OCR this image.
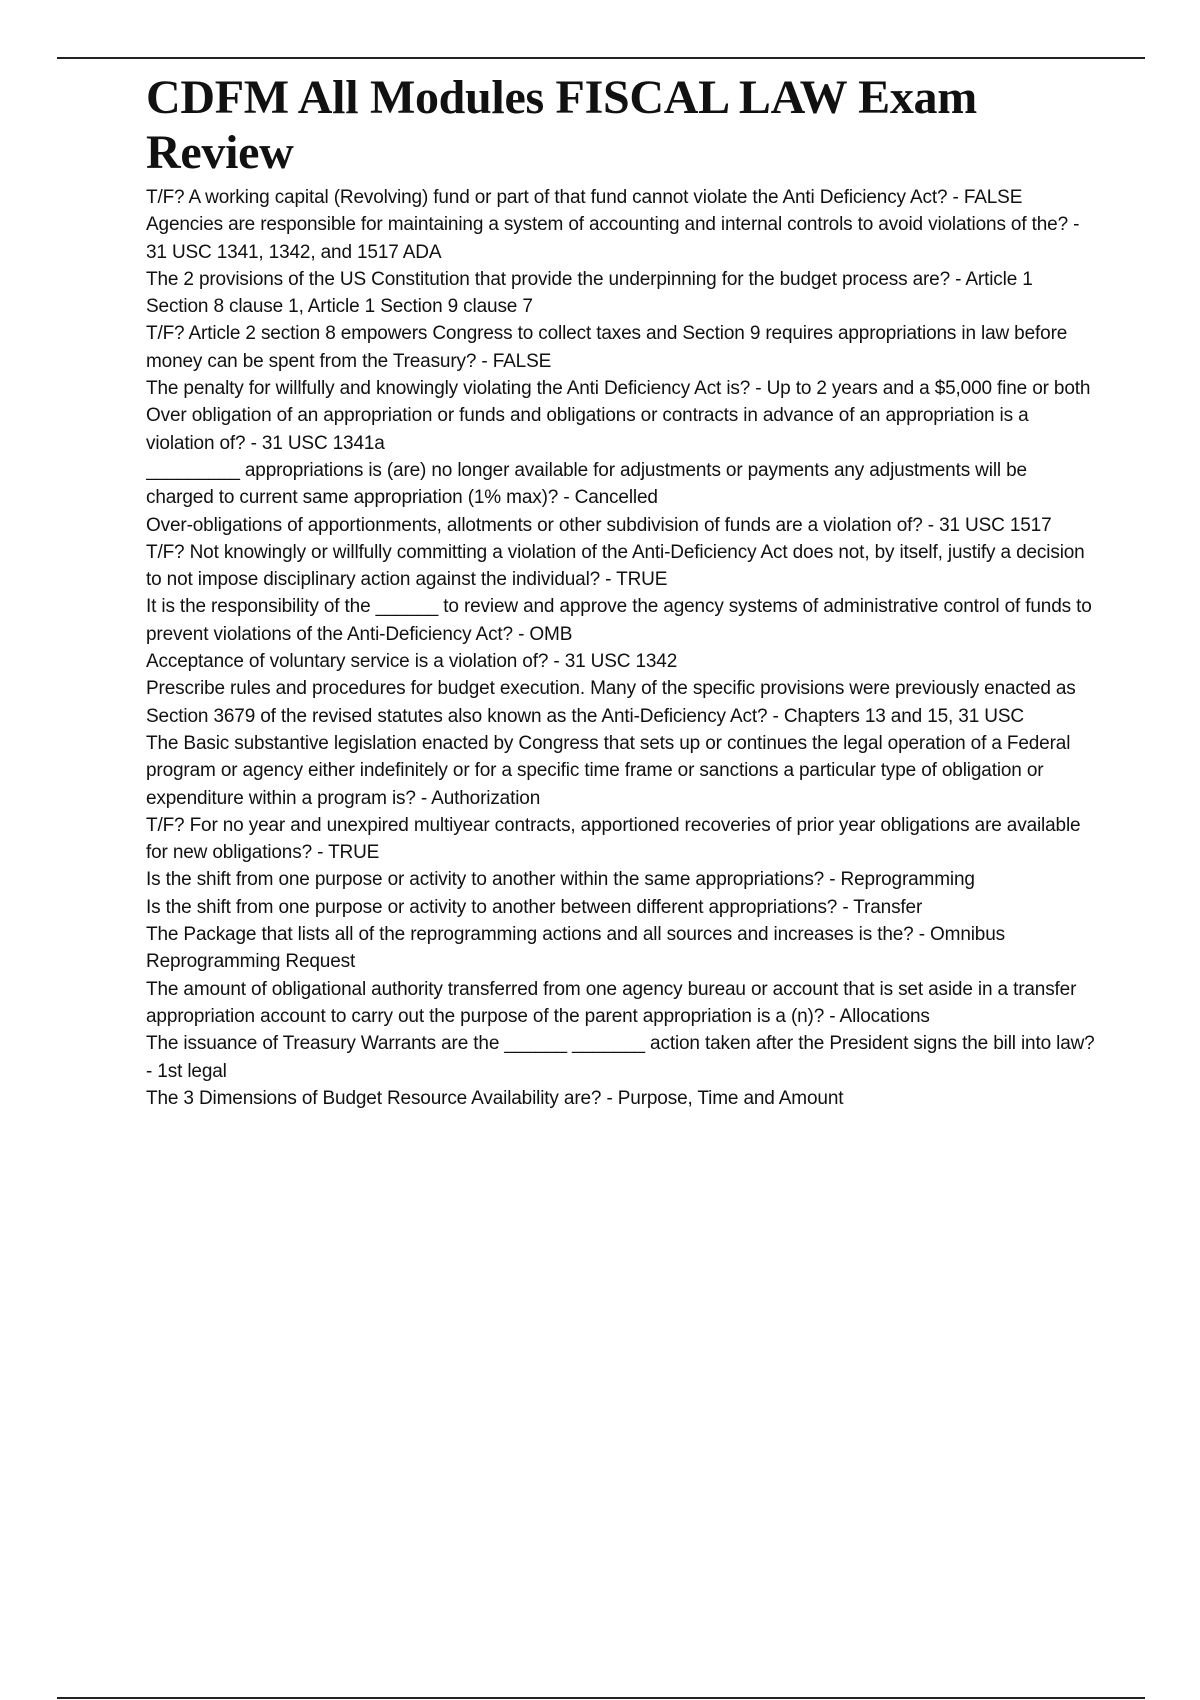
CDFM All Modules FISCAL LAW Exam Review

T/F? A working capital (Revolving) fund or part of that fund cannot violate the Anti Deficiency Act? - FALSE

Agencies are responsible for maintaining a system of accounting and internal controls to avoid violations of the? - 31 USC 1341, 1342, and 1517 ADA

The 2 provisions of the US Constitution that provide the underpinning for the budget process are? - Article 1 Section 8 clause 1, Article 1 Section 9 clause 7

T/F? Article 2 section 8 empowers Congress to collect taxes and Section 9 requires appropriations in law before money can be spent from the Treasury? - FALSE

The penalty for willfully and knowingly violating the Anti Deficiency Act is? - Up to 2 years and a $5,000 fine or both

Over obligation of an appropriation or funds and obligations or contracts in advance of an appropriation is a violation of? - 31 USC 1341a

_________ appropriations is (are) no longer available for adjustments or payments any adjustments will be charged to current same appropriation (1% max)? - Cancelled

Over-obligations of apportionments, allotments or other subdivision of funds are a violation of? - 31 USC 1517

T/F? Not knowingly or willfully committing a violation of the Anti-Deficiency Act does not, by itself, justify a decision to not impose disciplinary action against the individual? - TRUE

It is the responsibility of the ______ to review and approve the agency systems of administrative control of funds to prevent violations of the Anti-Deficiency Act? - OMB

Acceptance of voluntary service is a violation of? - 31 USC 1342

Prescribe rules and procedures for budget execution. Many of the specific provisions were previously enacted as Section 3679 of the revised statutes also known as the Anti-Deficiency Act? - Chapters 13 and 15, 31 USC

The Basic substantive legislation enacted by Congress that sets up or continues the legal operation of a Federal program or agency either indefinitely or for a specific time frame or sanctions a particular type of obligation or expenditure within a program is? - Authorization

T/F? For no year and unexpired multiyear contracts, apportioned recoveries of prior year obligations are available for new obligations? - TRUE

Is the shift from one purpose or activity to another within the same appropriations? - Reprogramming

Is the shift from one purpose or activity to another between different appropriations? - Transfer

The Package that lists all of the reprogramming actions and all sources and increases is the? - Omnibus Reprogramming Request

The amount of obligational authority transferred from one agency bureau or account that is set aside in a transfer appropriation account to carry out the purpose of the parent appropriation is a (n)? - Allocations

The issuance of Treasury Warrants are the ______ _______ action taken after the President signs the bill into law? - 1st legal

The 3 Dimensions of Budget Resource Availability are? - Purpose, Time and Amount
